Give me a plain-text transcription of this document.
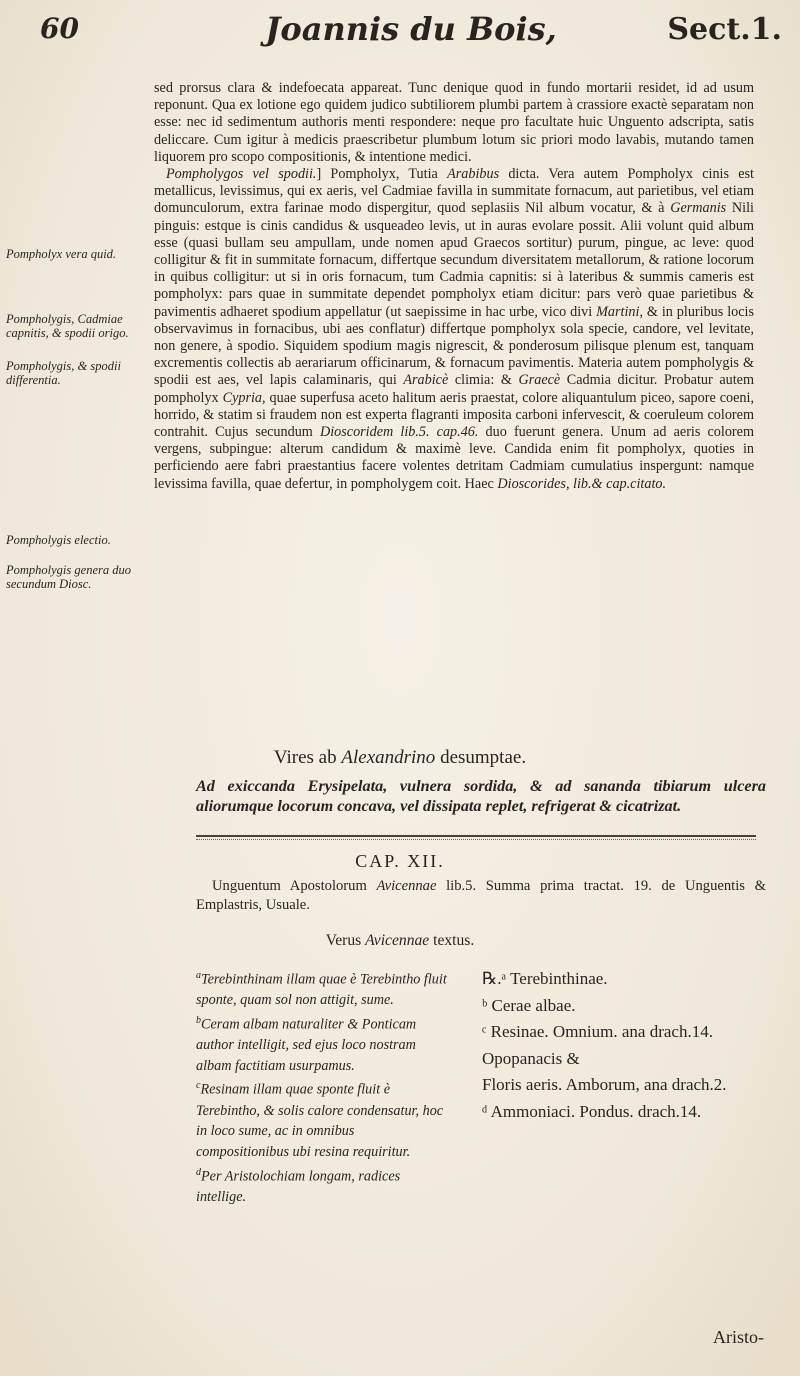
60	Joannis du Bois,	Sect.1.
sed prorsus clara & indefoecata appareat. Tunc denique quod in fundo mortarii residet, id ad usum reponunt. Qua ex lotione ego quidem judico subtiliorem plumbi partem à crassiore exactè separatam non esse: nec id sedimentum authoris menti respondere: neque pro facultate huic Unguento adscripta, satis deliccare. Cum igitur à medicis praescribetur plumbum lotum sic priori modo lavabis, mutando tamen liquorem pro scopo compositionis, & intentione medici.
Pompholygos vel spodii.] Pompholyx, Tutia Arabibus dicta. Vera autem Pompholyx cinis est metallicus, levissimus, qui ex aeris, vel Cadmiae favilla in summitate fornacum, aut parietibus, vel etiam domunculorum, extra farinae modo dispergitur, quod seplasiis Nil album vocatur, & à Germanis Nili pinguis: estque is cinis candidus & usqueadeo levis, ut in auras evolare possit. Alii volunt quid album esse (quasi bullam seu ampullam, unde nomen apud Graecos sortitur) purum, pingue, ac leve: quod colligitur & fit in summitate fornacum, differtque secundum diversitatem metallorum, & ratione locorum in quibus colligitur: ut si in oris fornacum, tum Cadmia capnitis: si à lateribus & summis cameris est pompholyx: pars quae in summitate dependet pompholyx etiam dicitur: pars verò quae parietibus & pavimentis adhaeret spodium appellatur (ut saepissime in hac urbe, vico divi Martini, & in pluribus locis observavimus in fornacibus, ubi aes conflatur) differtque pompholyx sola specie, candore, vel levitate, non genere, à spodio. Siquidem spodium magis nigrescit, & ponderosum pilisque plenum est, tanquam excrementis collectis ab aerariarum officinarum, & fornacum pavimentis. Materia autem pompholygis & spodii est aes, vel lapis calaminaris, qui Arabicè climia: & Graecè Cadmia dicitur. Probatur autem pompholyx Cypria, quae superfusa aceto halitum aeris praestat, colore aliquantulum piceo, sapore coeni, horrido, & statim si fraudem non est experta flagranti imposita carboni infervescit, & coeruleum colorem contrahit. Cujus secundum Dioscoridem lib.5. cap.46. duo fuerunt genera. Unum ad aeris colorem vergens, subpingue: alterum candidum & maximè leve. Candida enim fit pompholyx, quoties in perficiendo aere fabri praestantius facere volentes detritam Cadmiam cumulatius inspergunt: namque levissima favilla, quae defertur, in pompholygem coit. Haec Dioscorides, lib.& cap.citato.
Pompholyx vera quid.
Pompholygis, Cadmiae capnitis, & spodii origo.
Pompholygis, & spodii differentia.
Pompholygis electio.
Pompholygis genera duo secundum Diosc.
Vires ab Alexandrino desumptae.
Ad exiccanda Erysipelata, vulnera sordida, & ad sananda tibiarum ulcera aliorumque locorum concava, vel dissipata replet, refrigerat & cicatrizat.
CAP. XII.
Unguentum Apostolorum Avicennae lib.5. Summa prima tractat. 19. de Unguentis & Emplastris, Usuale.
Verus Avicennae textus.
$^a$Terebinthinam illam quae è Terebintho fluit sponte, quam sol non attigit, sume.
$^b$Ceram albam naturaliter & Ponticam author intelligit, sed ejus loco nostram albam factitiam usurpamus.
$^c$Resinam illam quae sponte fluit è Terebintho, & solis calore condensatur, hoc in loco sume, ac in omnibus compositionibus ubi resina requiritur.
$^d$Per Aristolochiam longam, radices intellige.
℞.ᵃ Terebinthinae.
ᵇ Cerae albae.
ᶜ Resinae. Omnium. ana drach.14.
Opopanacis &
Floris aeris. Amborum, ana drach.2.
ᵈ Ammoniaci. Pondus. drach.14.
Aristo-
